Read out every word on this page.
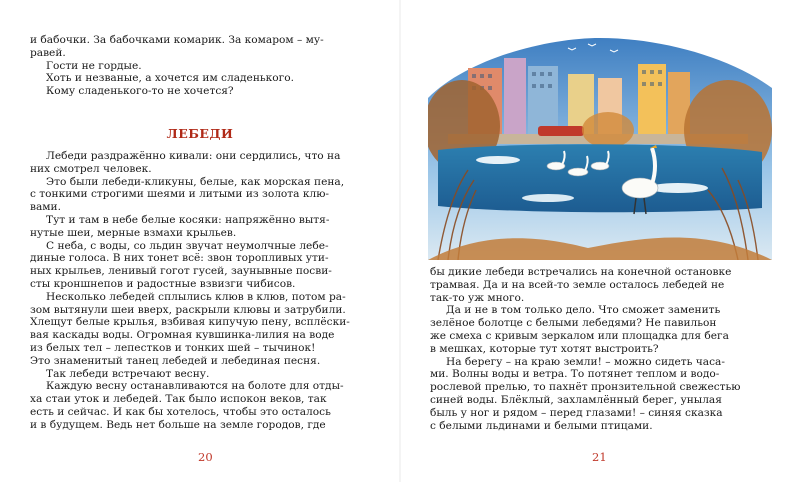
и бабочки. За бабочками комарик. За комаром – му-

равей.

Гости не гордые.

Хоть и незваные, а хочется им сладенького.

Кому сладенького-то не хочется?

ЛЕБЕДИ

Лебеди раздражённо кивали: они сердились, что на

них смотрел человек.

Это были лебеди-кликуны, белые, как морская пена,

с тонкими строгими шеями и литыми из золота клю-

вами.

Тут и там в небе белые косяки: напряжённо вытя-

нутые шеи, мерные взмахи крыльев.

С неба, с воды, со льдин звучат неумолчные лебе-

диные голоса. В них тонет всё: звон торопливых ути-

ных крыльев, ленивый гогот гусей, заунывные посви-

сты кроншнепов и радостные взвизги чибисов.

Несколько лебедей сплылись клюв в клюв, потом ра-

зом вытянули шеи вверх, раскрыли клювы и затрубили.

Хлещут белые крылья, взбивая кипучую пену, всплёски-

вая каскады воды. Огромная кувшинка-лилия на воде

из белых тел – лепестков и тонких шей – тычинок!

Это знаменитый танец лебедей и лебединая песня.

Так лебеди встречают весну.

Каждую весну останавливаются на болоте для отды-

ха стаи уток и лебедей. Так было испокон веков, так

есть и сейчас. И как бы хотелось, чтобы это осталось

и в будущем. Ведь нет больше на земле городов, где

20

бы дикие лебеди встречались на конечной остановке

трамвая. Да и на всей-то земле осталось лебедей не

так-то уж много.

Да и не в том только дело. Что сможет заменить

зелёное болотце с белыми лебедями? Не павильон

же смеха с кривым зеркалом или площадка для бега

в мешках, которые тут хотят выстроить?

На берегу – на краю земли! – можно сидеть часа-

ми. Волны воды и ветра. То потянет теплом и водо-

рослевой прелью, то пахнёт пронзительной свежестью

синей воды. Блёклый, захламлённый берег, унылая

быль у ног и рядом – перед глазами! – синяя сказка

с белыми льдинами и белыми птицами.

21
